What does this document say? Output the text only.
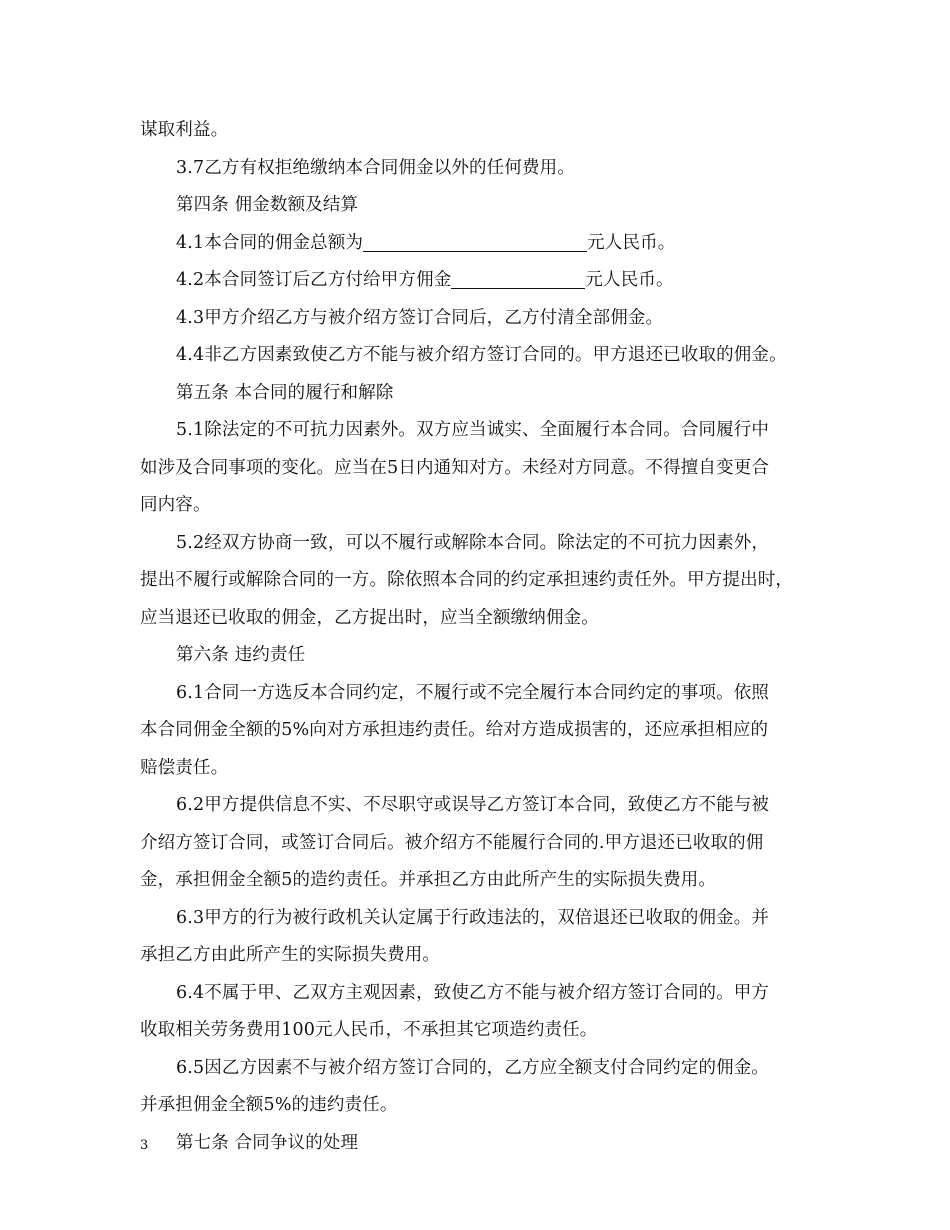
谋取利益。

3.7乙方有权拒绝缴纳本合同佣金以外的任何费用。

第四条 佣金数额及结算

4.1本合同的佣金总额为	元人民币。

4.2本合同签订后乙方付给甲方佣金	元人民币。

4.3甲方介绍乙方与被介绍方签订合同后，乙方付清全部佣金。

4.4非乙方因素致使乙方不能与被介绍方签订合同的。甲方退还已收取的佣金。

第五条 本合同的履行和解除

5.1除法定的不可抗力因素外。双方应当诚实、全面履行本合同。合同履行中

如涉及合同事项的变化。应当在5日内通知对方。未经对方同意。不得擅自变更合

同内容。

5.2经双方协商一致，可以不履行或解除本合同。除法定的不可抗力因素外，

提出不履行或解除合同的一方。除依照本合同的约定承担速约责任外。甲方提出时，

应当退还已收取的佣金，乙方捉出时，应当全额缴纳佣金。

第六条 违约责任

6.1合同一方选反本合同约定，不履行或不完全履行本合同约定的事项。依照

本合同佣金全额的5%向对方承担违约责任。给对方造成损害的，还应承担相应的

赔偿责任。

6.2甲方提供信息不实、不尽职守或误导乙方签订本合同，致使乙方不能与被

介绍方签订合同，或签订合同后。被介绍方不能履行合同的.甲方退还已收取的佣

金，承担佣金全额5的造约责任。并承担乙方由此所产生的实际损失费用。

6.3甲方的行为被行政机关认定属于行政违法的，双倍退还已收取的佣金。并

承担乙方由此所产生的实际损失费用。

6.4不属于甲、乙双方主观因素，致使乙方不能与被介绍方签订合同的。甲方

收取相关劳务费用100元人民币，不承担其它项造约责任。

6.5因乙方因素不与被介绍方签订合同的，乙方应全额支付合同约定的佣金。

并承担佣金全额5%的违约责任。

第七条 合同争议的处理

3
